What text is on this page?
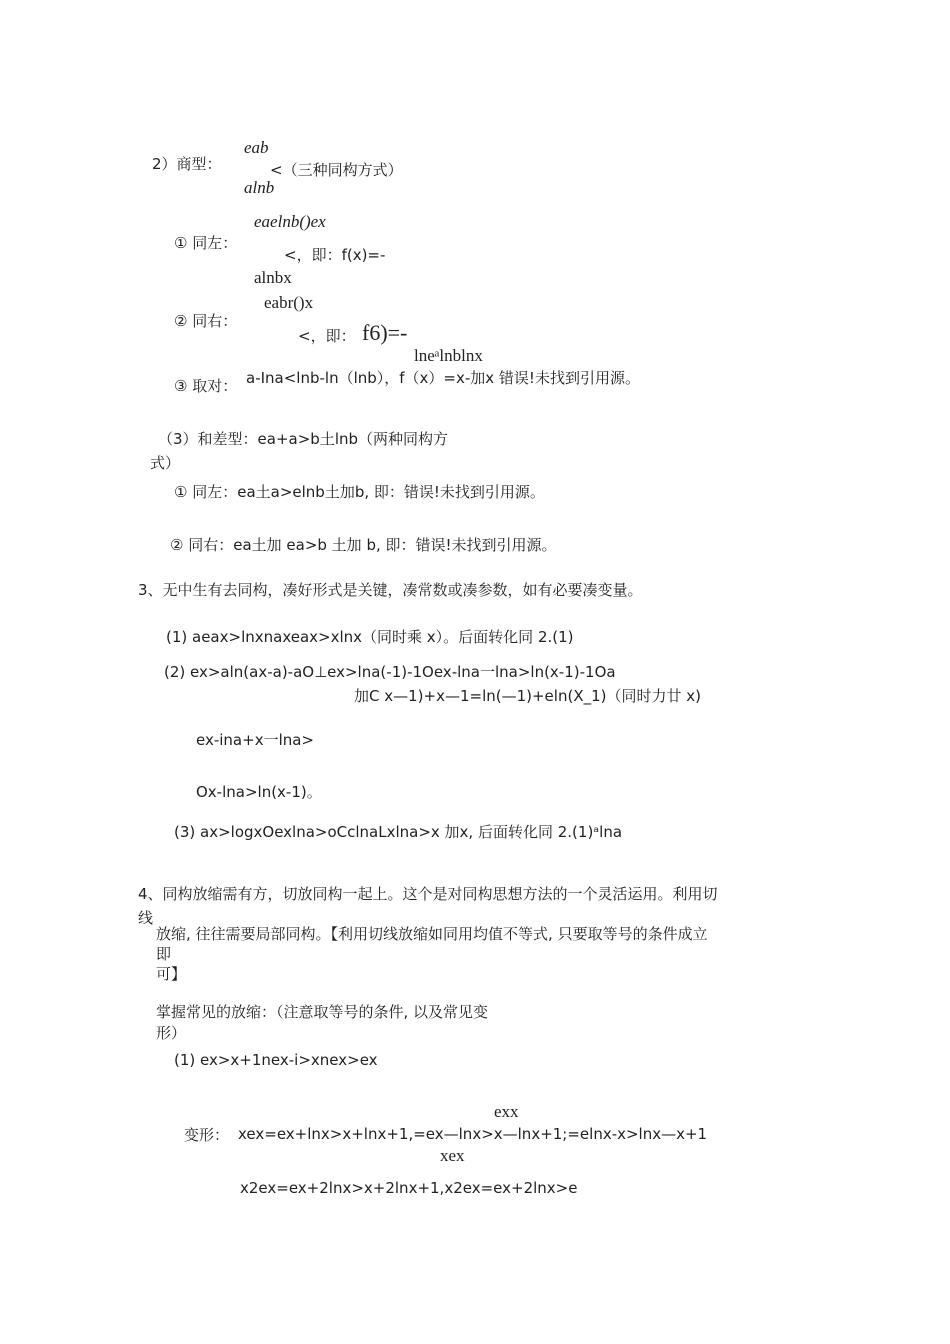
eab
2）商型：	<（三种同构方式）
alnb
eaelnb()ex
① 同左：
<，即：f(x)=-
alnbx
eabr()x
② 同右：
<，即： f6)=-
lneᵃlnblnx
③ 取对： a-Ina<lnb-ln（lnb），f（x）=x-加x 错误!未找到引用源。
（3）和差型：ea+a>b土lnb（两种同构方
式）
① 同左：ea土a>elnb土加b, 即：错误!未找到引用源。
② 同右：ea土加 ea>b 土加 b, 即：错误!未找到引用源。
3、无中生有去同构，凑好形式是关键，凑常数或凑参数，如有必要凑变量。
(1) aeax>lnxnaxeax>xlnx（同时乘 x）。后面转化同 2.(1)
(2) ex>aln(ax-a)-aO⊥ex>lna(-1)-1Oex-lna一lna>ln(x-1)-1Oa
加C x—1)+x—1=ln(—1)+eln(X_1)（同时力廿 x)
ex-ina+x一lna>
Ox-lna>ln(x-1)。
(3) ax>logxOexlna>oCclnaLxlna>x 加x, 后面转化同 2.(1)ᵃlna
4、同构放缩需有方，切放同构一起上。这个是对同构思想方法的一个灵活运用。利用切
线
放缩, 往往需要局部同构。【利用切线放缩如同用均值不等式, 只要取等号的条件成立
即
可】
掌握常见的放缩：（注意取等号的条件, 以及常见变
形）
(1) ex>x+1nex-i>xnex>ex
exx
变形： xex=ex+lnx>x+lnx+1,=ex—lnx>x—lnx+1;=elnx-x>lnx—x+1
xex
x2ex=ex+2lnx>x+2lnx+1,x2ex=ex+2lnx>e
